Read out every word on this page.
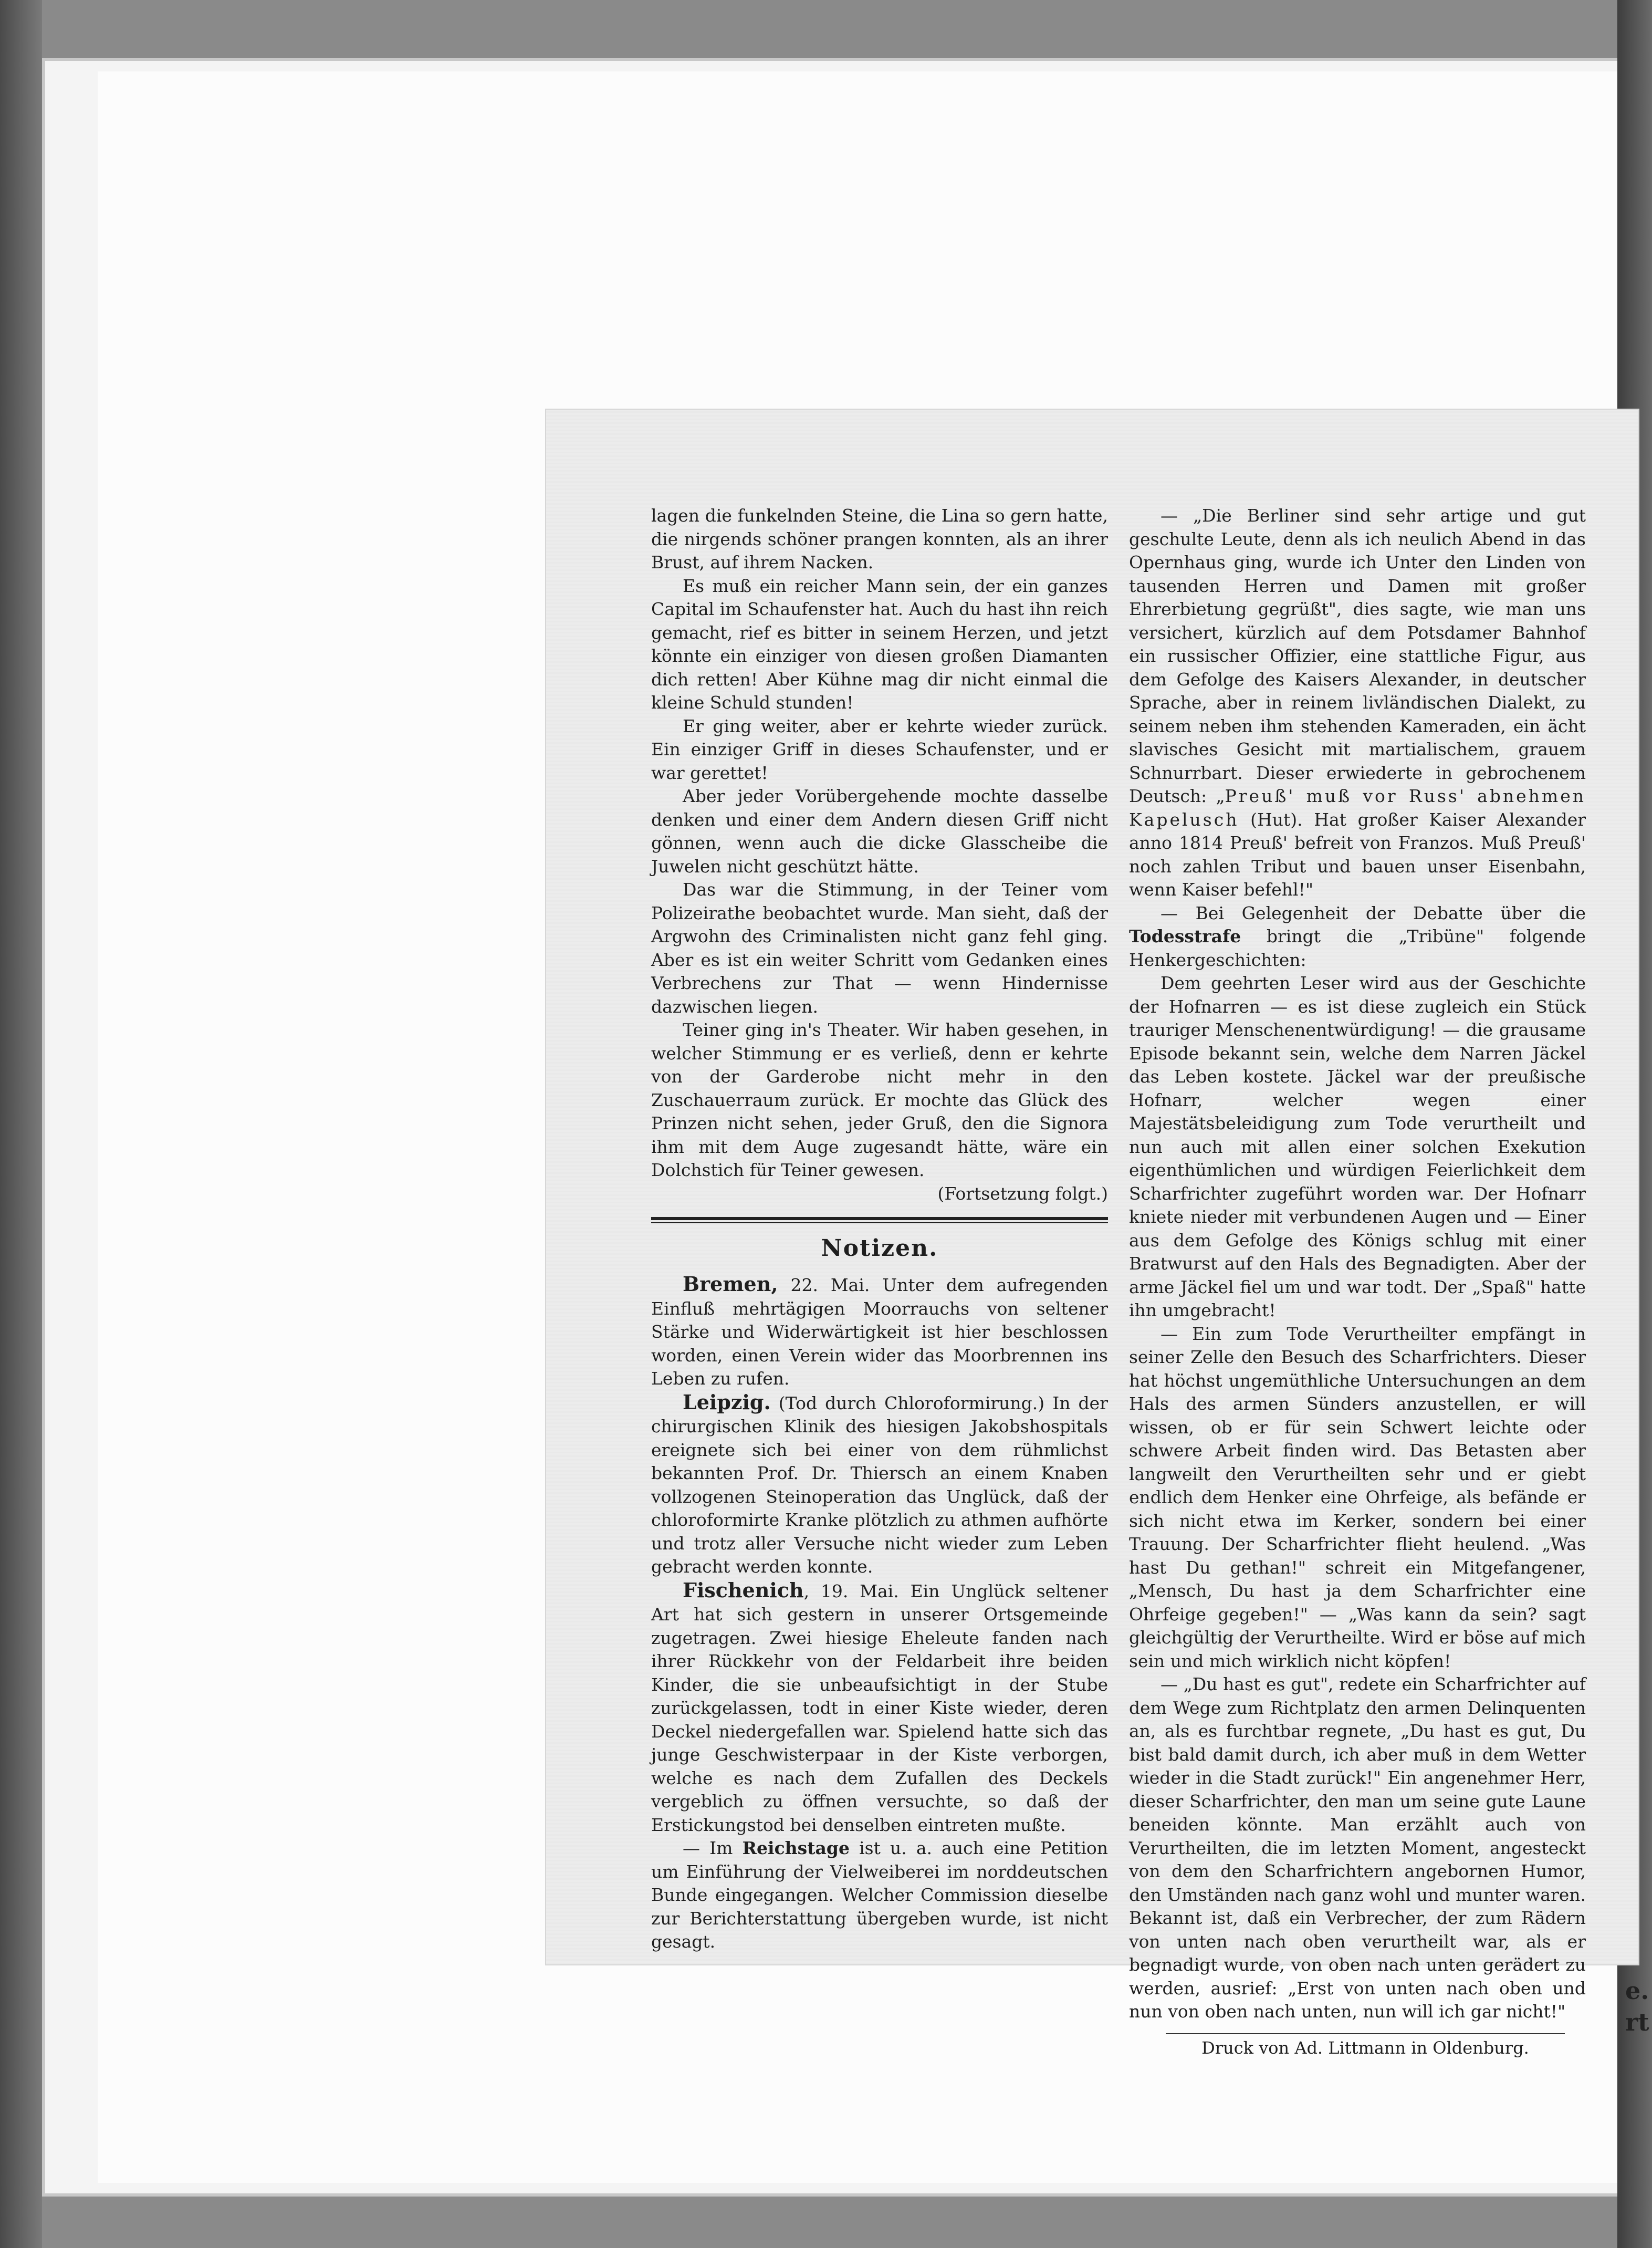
e.
rt

lagen die funkelnden Steine, die Lina so gern hatte, die nirgends schöner prangen konnten, als an ihrer Brust, auf ihrem Nacken.

Es muß ein reicher Mann sein, der ein ganzes Capital im Schaufenster hat. Auch du hast ihn reich gemacht, rief es bitter in seinem Herzen, und jetzt könnte ein einziger von diesen großen Diamanten dich retten! Aber Kühne mag dir nicht einmal die kleine Schuld stunden!

Er ging weiter, aber er kehrte wieder zurück. Ein einziger Griff in dieses Schaufenster, und er war gerettet!

Aber jeder Vorübergehende mochte dasselbe denken und einer dem Andern diesen Griff nicht gönnen, wenn auch die dicke Glasscheibe die Juwelen nicht geschützt hätte.

Das war die Stimmung, in der Teiner vom Polizeirathe beobachtet wurde. Man sieht, daß der Argwohn des Criminalisten nicht ganz fehl ging. Aber es ist ein weiter Schritt vom Gedanken eines Verbrechens zur That — wenn Hindernisse dazwischen liegen.

Teiner ging in's Theater. Wir haben gesehen, in welcher Stimmung er es verließ, denn er kehrte von der Garderobe nicht mehr in den Zuschauerraum zurück. Er mochte das Glück des Prinzen nicht sehen, jeder Gruß, den die Signora ihm mit dem Auge zugesandt hätte, wäre ein Dolchstich für Teiner gewesen.

(Fortsetzung folgt.)

Notizen.

Bremen, 22. Mai. Unter dem aufregenden Einfluß mehrtägigen Moorrauchs von seltener Stärke und Widerwärtigkeit ist hier beschlossen worden, einen Verein wider das Moorbrennen ins Leben zu rufen.

Leipzig. (Tod durch Chloroformirung.) In der chirurgischen Klinik des hiesigen Jakobshospitals ereignete sich bei einer von dem rühmlichst bekannten Prof. Dr. Thiersch an einem Knaben vollzogenen Steinoperation das Unglück, daß der chloroformirte Kranke plötzlich zu athmen aufhörte und trotz aller Versuche nicht wieder zum Leben gebracht werden konnte.

Fischenich, 19. Mai. Ein Unglück seltener Art hat sich gestern in unserer Ortsgemeinde zugetragen. Zwei hiesige Eheleute fanden nach ihrer Rückkehr von der Feldarbeit ihre beiden Kinder, die sie unbeaufsichtigt in der Stube zurückgelassen, todt in einer Kiste wieder, deren Deckel niedergefallen war. Spielend hatte sich das junge Geschwisterpaar in der Kiste verborgen, welche es nach dem Zufallen des Deckels vergeblich zu öffnen versuchte, so daß der Erstickungstod bei denselben eintreten mußte.

— Im Reichstage ist u. a. auch eine Petition um Einführung der Vielweiberei im norddeutschen Bunde eingegangen. Welcher Commission dieselbe zur Berichterstattung übergeben wurde, ist nicht gesagt.

— „Die Berliner sind sehr artige und gut geschulte Leute, denn als ich neulich Abend in das Opernhaus ging, wurde ich Unter den Linden von tausenden Herren und Damen mit großer Ehrerbietung gegrüßt", dies sagte, wie man uns versichert, kürzlich auf dem Potsdamer Bahnhof ein russischer Offizier, eine stattliche Figur, aus dem Gefolge des Kaisers Alexander, in deutscher Sprache, aber in reinem livländischen Dialekt, zu seinem neben ihm stehenden Kameraden, ein ächt slavisches Gesicht mit martialischem, grauem Schnurrbart. Dieser erwiederte in gebrochenem Deutsch: „Preuß' muß vor Russ' abnehmen Kapelusch (Hut). Hat großer Kaiser Alexander anno 1814 Preuß' befreit von Franzos. Muß Preuß' noch zahlen Tribut und bauen unser Eisenbahn, wenn Kaiser befehl!"

— Bei Gelegenheit der Debatte über die Todesstrafe bringt die „Tribüne" folgende Henkergeschichten:

Dem geehrten Leser wird aus der Geschichte der Hofnarren — es ist diese zugleich ein Stück trauriger Menschenentwürdigung! — die grausame Episode bekannt sein, welche dem Narren Jäckel das Leben kostete. Jäckel war der preußische Hofnarr, welcher wegen einer Majestätsbeleidigung zum Tode verurtheilt und nun auch mit allen einer solchen Exekution eigenthümlichen und würdigen Feierlichkeit dem Scharfrichter zugeführt worden war. Der Hofnarr kniete nieder mit verbundenen Augen und — Einer aus dem Gefolge des Königs schlug mit einer Bratwurst auf den Hals des Begnadigten. Aber der arme Jäckel fiel um und war todt. Der „Spaß" hatte ihn umgebracht!

— Ein zum Tode Verurtheilter empfängt in seiner Zelle den Besuch des Scharfrichters. Dieser hat höchst ungemüthliche Untersuchungen an dem Hals des armen Sünders anzustellen, er will wissen, ob er für sein Schwert leichte oder schwere Arbeit finden wird. Das Betasten aber langweilt den Verurtheilten sehr und er giebt endlich dem Henker eine Ohrfeige, als befände er sich nicht etwa im Kerker, sondern bei einer Trauung. Der Scharfrichter flieht heulend. „Was hast Du gethan!" schreit ein Mitgefangener, „Mensch, Du hast ja dem Scharfrichter eine Ohrfeige gegeben!" — „Was kann da sein? sagt gleichgültig der Verurtheilte. Wird er böse auf mich sein und mich wirklich nicht köpfen!

— „Du hast es gut", redete ein Scharfrichter auf dem Wege zum Richtplatz den armen Delinquenten an, als es furchtbar regnete, „Du hast es gut, Du bist bald damit durch, ich aber muß in dem Wetter wieder in die Stadt zurück!" Ein angenehmer Herr, dieser Scharfrichter, den man um seine gute Laune beneiden könnte. Man erzählt auch von Verurtheilten, die im letzten Moment, angesteckt von dem den Scharfrichtern angebornen Humor, den Umständen nach ganz wohl und munter waren. Bekannt ist, daß ein Verbrecher, der zum Rädern von unten nach oben verurtheilt war, als er begnadigt wurde, von oben nach unten gerädert zu werden, ausrief: „Erst von unten nach oben und nun von oben nach unten, nun will ich gar nicht!"

Druck von Ad. Littmann in Oldenburg.
